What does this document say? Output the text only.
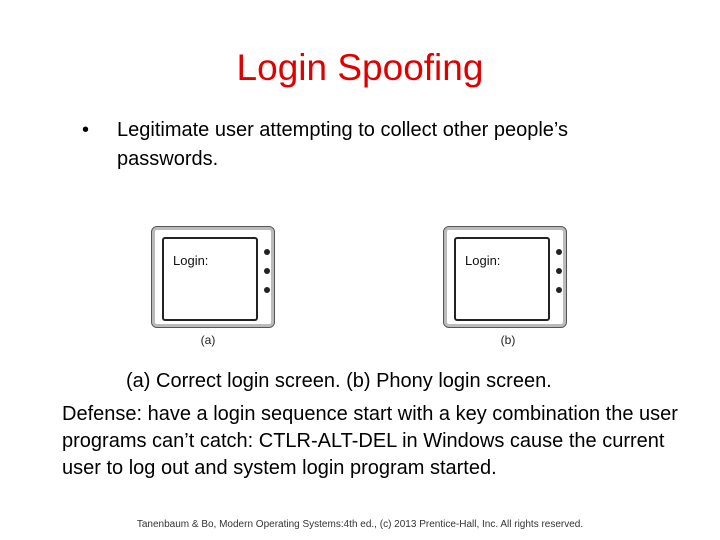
Login Spoofing
• Legitimate user attempting to collect other people’s passwords.
Login:
(a)
Login:
(b)
(a) Correct login screen. (b) Phony login screen.
Defense: have a login sequence start with a key combination the user programs can’t catch: CTLR-ALT-DEL in Windows cause the current user to log out and system login program started.
Tanenbaum & Bo, Modern Operating Systems:4th ed., (c) 2013 Prentice-Hall, Inc. All rights reserved.
